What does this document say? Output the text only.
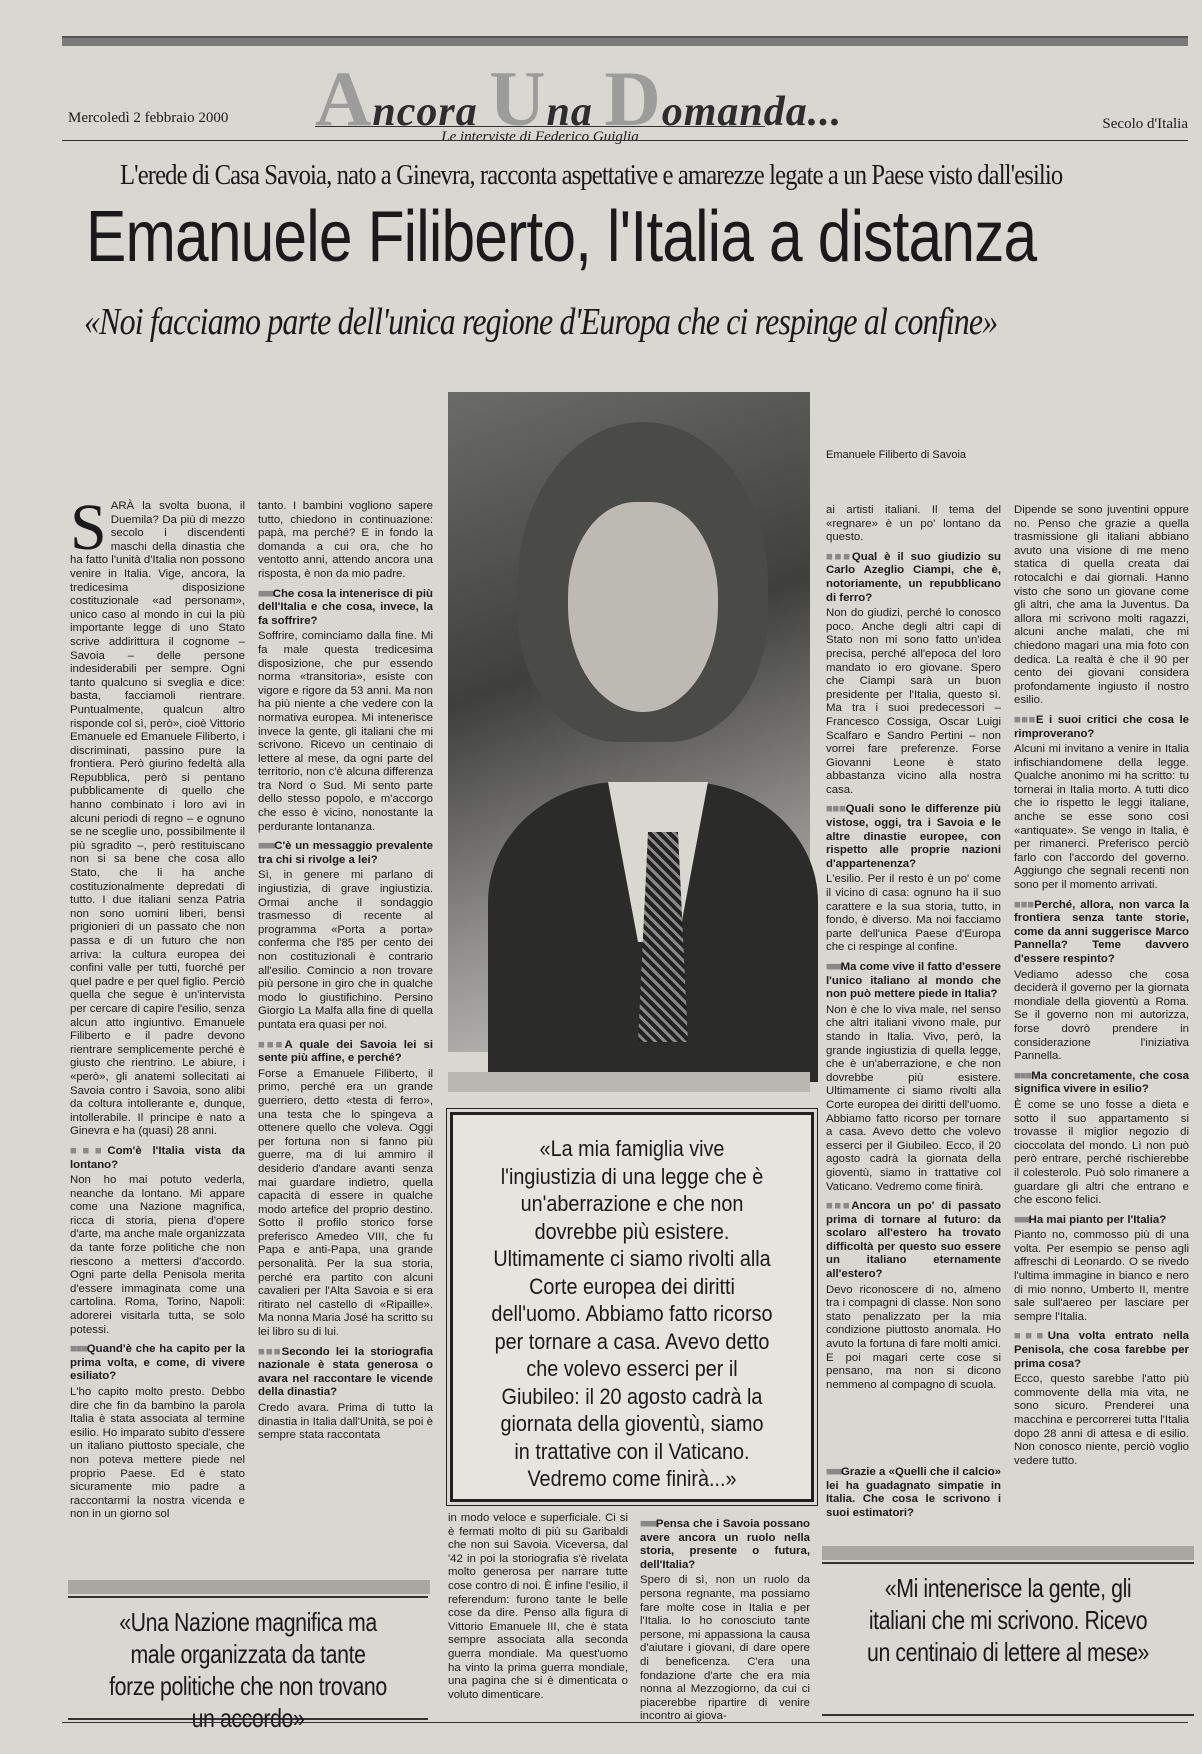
Ancora Una Domanda...
Le interviste di Federico Guiglia
Mercoledì 2 febbraio 2000	Secolo d'Italia
L'erede di Casa Savoia, nato a Ginevra, racconta aspettative e amarezze legate a un Paese visto dall'esilio
Emanuele Filiberto, l'Italia a distanza
«Noi facciamo parte dell'unica regione d'Europa che ci respinge al confine»
Emanuele Filiberto di Savoia

SARÀ la svolta buona, il Duemila? Da più di mezzo secolo i discendenti maschi della dinastia che ha fatto l'unità d'Italia non possono venire in Italia. Vige, ancora, la tredicesima disposizione costituzionale «ad personam», unico caso al mondo in cui la più importante legge di uno Stato scrive addirittura il cognome – Savoia – delle persone indesiderabili per sempre. Ogni tanto qualcuno si sveglia e dice: basta, facciamoli rientrare. Puntualmente, qualcun altro risponde col sì, però», cioè Vittorio Emanuele ed Emanuele Filiberto, i discriminati, passino pure la frontiera. Però giurino fedeltà alla Repubblica, però si pentano pubblicamente di quello che hanno combinato i loro avi in alcuni periodi di regno – e ognuno se ne sceglie uno, possibilmente il più sgradito –, però restituiscano non si sa bene che cosa allo Stato, che li ha anche costituzionalmente depredati di tutto. I due italiani senza Patria non sono uomini liberi, bensì prigionieri di un passato che non passa e di un futuro che non arriva: la cultura europea dei confini valle per tutti, fuorché per quel padre e per quel figlio. Perciò quella che segue è un'intervista per cercare di capire l'esilio, senza alcun atto ingiuntivo. Emanuele Filiberto e il padre devono rientrare semplicemente perché è giusto che rientrino. Le abiure, i «però», gli anatemi sollecitati ai Savoia contro i Savoia, sono alibi da coltura intollerante e, dunque, intollerabile. Il principe è nato a Ginevra e ha (quasi) 28 anni.

■■■ Com'è l'Italia vista da lontano?

Non ho mai potuto vederla, neanche da lontano. Mi appare come una Nazione magnifica, ricca di storia, piena d'opere d'arte, ma anche male organizzata da tante forze politiche che non riescono a mettersi d'accordo. Ogni parte della Penisola merita d'essere immaginata come una cartolina. Roma, Torino, Napoli: adorerei visitarla tutta, se solo potessi.

■■■ Quand'è che ha capito per la prima volta, e come, di vivere esiliato?

L'ho capito molto presto. Debbo dire che fin da bambino la parola Italia è stata associata al termine esilio. Ho imparato subito d'essere un italiano piuttosto speciale, che non poteva mettere piede nel proprio Paese. Ed è stato sicuramente mio padre a raccontarmi la nostra vicenda e non in un giorno sol

tanto. I bambini vogliono sapere tutto, chiedono in continuazione: papà, ma perché? E in fondo la domanda a cui ora, che ho ventotto anni, attendo ancora una risposta, è non da mio padre.

■■■ Che cosa la intenerisce di più dell'Italia e che cosa, invece, la fa soffrire?

Soffrire, cominciamo dalla fine. Mi fa male questa tredicesima disposizione, che pur essendo norma «transitoria», esiste con vigore e rigore da 53 anni. Ma non ha più niente a che vedere con la normativa europea. Mi intenerisce invece la gente, gli italiani che mi scrivono. Ricevo un centinaio di lettere al mese, da ogni parte del territorio, non c'è alcuna differenza tra Nord o Sud. Mi sento parte dello stesso popolo, e m'accorgo che esso è vicino, nonostante la perdurante lontananza.

■■■ C'è un messaggio prevalente tra chi si rivolge a lei?

Sì, in genere mi parlano di ingiustizia, di grave ingiustizia. Ormai anche il sondaggio trasmesso di recente al programma «Porta a porta» conferma che l'85 per cento dei non costituzionali è contrario all'esilio. Comincio a non trovare più persone in giro che in qualche modo lo giustifichino. Persino Giorgio La Malfa alla fine di quella puntata era quasi per noi.

■■■ A quale dei Savoia lei si sente più affine, e perché?

Forse a Emanuele Filiberto, il primo, perché era un grande guerriero, detto «testa di ferro», una testa che lo spingeva a ottenere quello che voleva. Oggi per fortuna non si fanno più guerre, ma di lui ammiro il desiderio d'andare avanti senza mai guardare indietro, quella capacità di essere in qualche modo artefice del proprio destino. Sotto il profilo storico forse preferisco Amedeo VIII, che fu Papa e anti-Papa, una grande personalità. Per la sua storia, perché era partito con alcuni cavalieri per l'Alta Savoia e si era ritirato nel castello di «Ripaille». Ma nonna Maria José ha scritto su lei libro su di lui.

■■■ Secondo lei la storiografia nazionale è stata generosa o avara nel raccontare le vicende della dinastia?

Credo avara. Prima di tutto la dinastia in Italia dall'Unità, se poi è sempre stata raccontata

ai artisti italiani. Il tema del «regnare» è un po' lontano da questo.

■■■ Qual è il suo giudizio su Carlo Azeglio Ciampi, che è, notoriamente, un repubblicano di ferro?

Non do giudizi, perché lo conosco poco. Anche degli altri capi di Stato non mi sono fatto un'idea precisa, perché all'epoca del loro mandato io ero giovane. Spero che Ciampi sarà un buon presidente per l'Italia, questo sì. Ma tra i suoi predecessori – Francesco Cossiga, Oscar Luigi Scalfaro e Sandro Pertini – non vorrei fare preferenze. Forse Giovanni Leone è stato abbastanza vicino alla nostra casa.

■■■ Quali sono le differenze più vistose, oggi, tra i Savoia e le altre dinastie europee, con rispetto alle proprie nazioni d'appartenenza?

L'esilio. Per il resto è un po' come il vicino di casa: ognuno ha il suo carattere e la sua storia, tutto, in fondo, è diverso. Ma noi facciamo parte dell'unica Paese d'Europa che ci respinge al confine.

■■■ Ma come vive il fatto d'essere l'unico italiano al mondo che non può mettere piede in Italia?

Non è che lo viva male, nel senso che altri italiani vivono male, pur stando in Italia. Vivo, però, la grande ingiustizia di quella legge, che è un'aberrazione, e che non dovrebbe più esistere. Ultimamente ci siamo rivolti alla Corte europea dei diritti dell'uomo. Abbiamo fatto ricorso per tornare a casa. Avevo detto che volevo esserci per il Giubileo. Ecco, il 20 agosto cadrà la giornata della gioventù, siamo in trattative col Vaticano. Vedremo come finirà.

■■■ Ancora un po' di passato prima di tornare al futuro: da scolaro all'estero ha trovato difficoltà per questo suo essere un italiano eternamente all'estero?

Devo riconoscere di no, almeno tra i compagni di classe. Non sono stato penalizzato per la mia condizione piuttosto anomala. Ho avuto la fortuna di fare molti amici. E poi magari certe cose si pensano, ma non si dicono nemmeno al compagno di scuola.

Dipende se sono juventini oppure no. Penso che grazie a quella trasmissione gli italiani abbiano avuto una visione di me meno statica di quella creata dai rotocalchi e dai giornali. Hanno visto che sono un giovane come gli altri, che ama la Juventus. Da allora mi scrivono molti ragazzi, alcuni anche malati, che mi chiedono magari una mia foto con dedica. La realtà è che il 90 per cento dei giovani considera profondamente ingiusto il nostro esilio.

■■■ E i suoi critici che cosa le rimproverano?

Alcuni mi invitano a venire in Italia infischiandomene della legge. Qualche anonimo mi ha scritto: tu tornerai in Italia morto. A tutti dico che io rispetto le leggi italiane, anche se esse sono così «antiquate». Se vengo in Italia, è per rimanerci. Preferisco perciò farlo con l'accordo del governo. Aggiungo che segnali recenti non sono per il momento arrivati.

■■■ Perché, allora, non varca la frontiera senza tante storie, come da anni suggerisce Marco Pannella? Teme davvero d'essere respinto?

Vediamo adesso che cosa deciderà il governo per la giornata mondiale della gioventù a Roma. Se il governo non mi autorizza, forse dovrò prendere in considerazione l'iniziativa Pannella.

■■■ Ma concretamente, che cosa significa vivere in esilio?

È come se uno fosse a dieta e sotto il suo appartamento si trovasse il miglior negozio di cioccolata del mondo. Lì non può però entrare, perché rischierebbe il colesterolo. Può solo rimanere a guardare gli altri che entrano e che escono felici.

■■■ Ha mai pianto per l'Italia?

Pianto no, commosso più di una volta. Per esempio se penso agli affreschi di Leonardo. O se rivedo l'ultima immagine in bianco e nero di mio nonno, Umberto II, mentre sale sull'aereo per lasciare per sempre l'Italia.

■■■ Una volta entrato nella Penisola, che cosa farebbe per prima cosa?

Ecco, questo sarebbe l'atto più commovente della mia vita, ne sono sicuro. Prenderei una macchina e percorrerei tutta l'Italia dopo 28 anni di attesa e di esilio. Non conosco niente, perciò voglio vedere tutto.

«La mia famiglia vive l'ingiustizia di una legge che è un'aberrazione e che non dovrebbe più esistere. Ultimamente ci siamo rivolti alla Corte europea dei diritti dell'uomo. Abbiamo fatto ricorso per tornare a casa. Avevo detto che volevo esserci per il Giubileo: il 20 agosto cadrà la giornata della gioventù, siamo in trattative con il Vaticano. Vedremo come finirà...»

in modo veloce e superficiale. Ci si è fermati molto di più su Garibaldi che non sui Savoia. Viceversa, dal '42 in poi la storiografia s'è rivelata molto generosa per narrare tutte cose contro di noi. È infine l'esilio, il referendum: furono tante le belle cose da dire. Penso alla figura di Vittorio Emanuele III, che è stata sempre associata alla seconda guerra mondiale. Ma quest'uomo ha vinto la prima guerra mondiale, una pagina che si è dimenticata o voluto dimenticare.

■■■ Pensa che i Savoia possano avere ancora un ruolo nella storia, presente o futura, dell'Italia?

Spero di sì, non un ruolo da persona regnante, ma possiamo fare molte cose in Italia e per l'Italia. Io ho conosciuto tante persone, mi appassiona la causa d'aiutare i giovani, di dare opere di beneficenza. C'era una fondazione d'arte che era mia nonna al Mezzogiorno, da cui ci piacerebbe ripartire di venire incontro ai giova-

■■■ Grazie a «Quelli che il calcio» lei ha guadagnato simpatie in Italia. Che cosa le scrivono i suoi estimatori?

«Una Nazione magnifica ma male organizzata da tante forze politiche che non trovano un accordo»

«Mi intenerisce la gente, gli italiani che mi scrivono. Ricevo un centinaio di lettere al mese»
